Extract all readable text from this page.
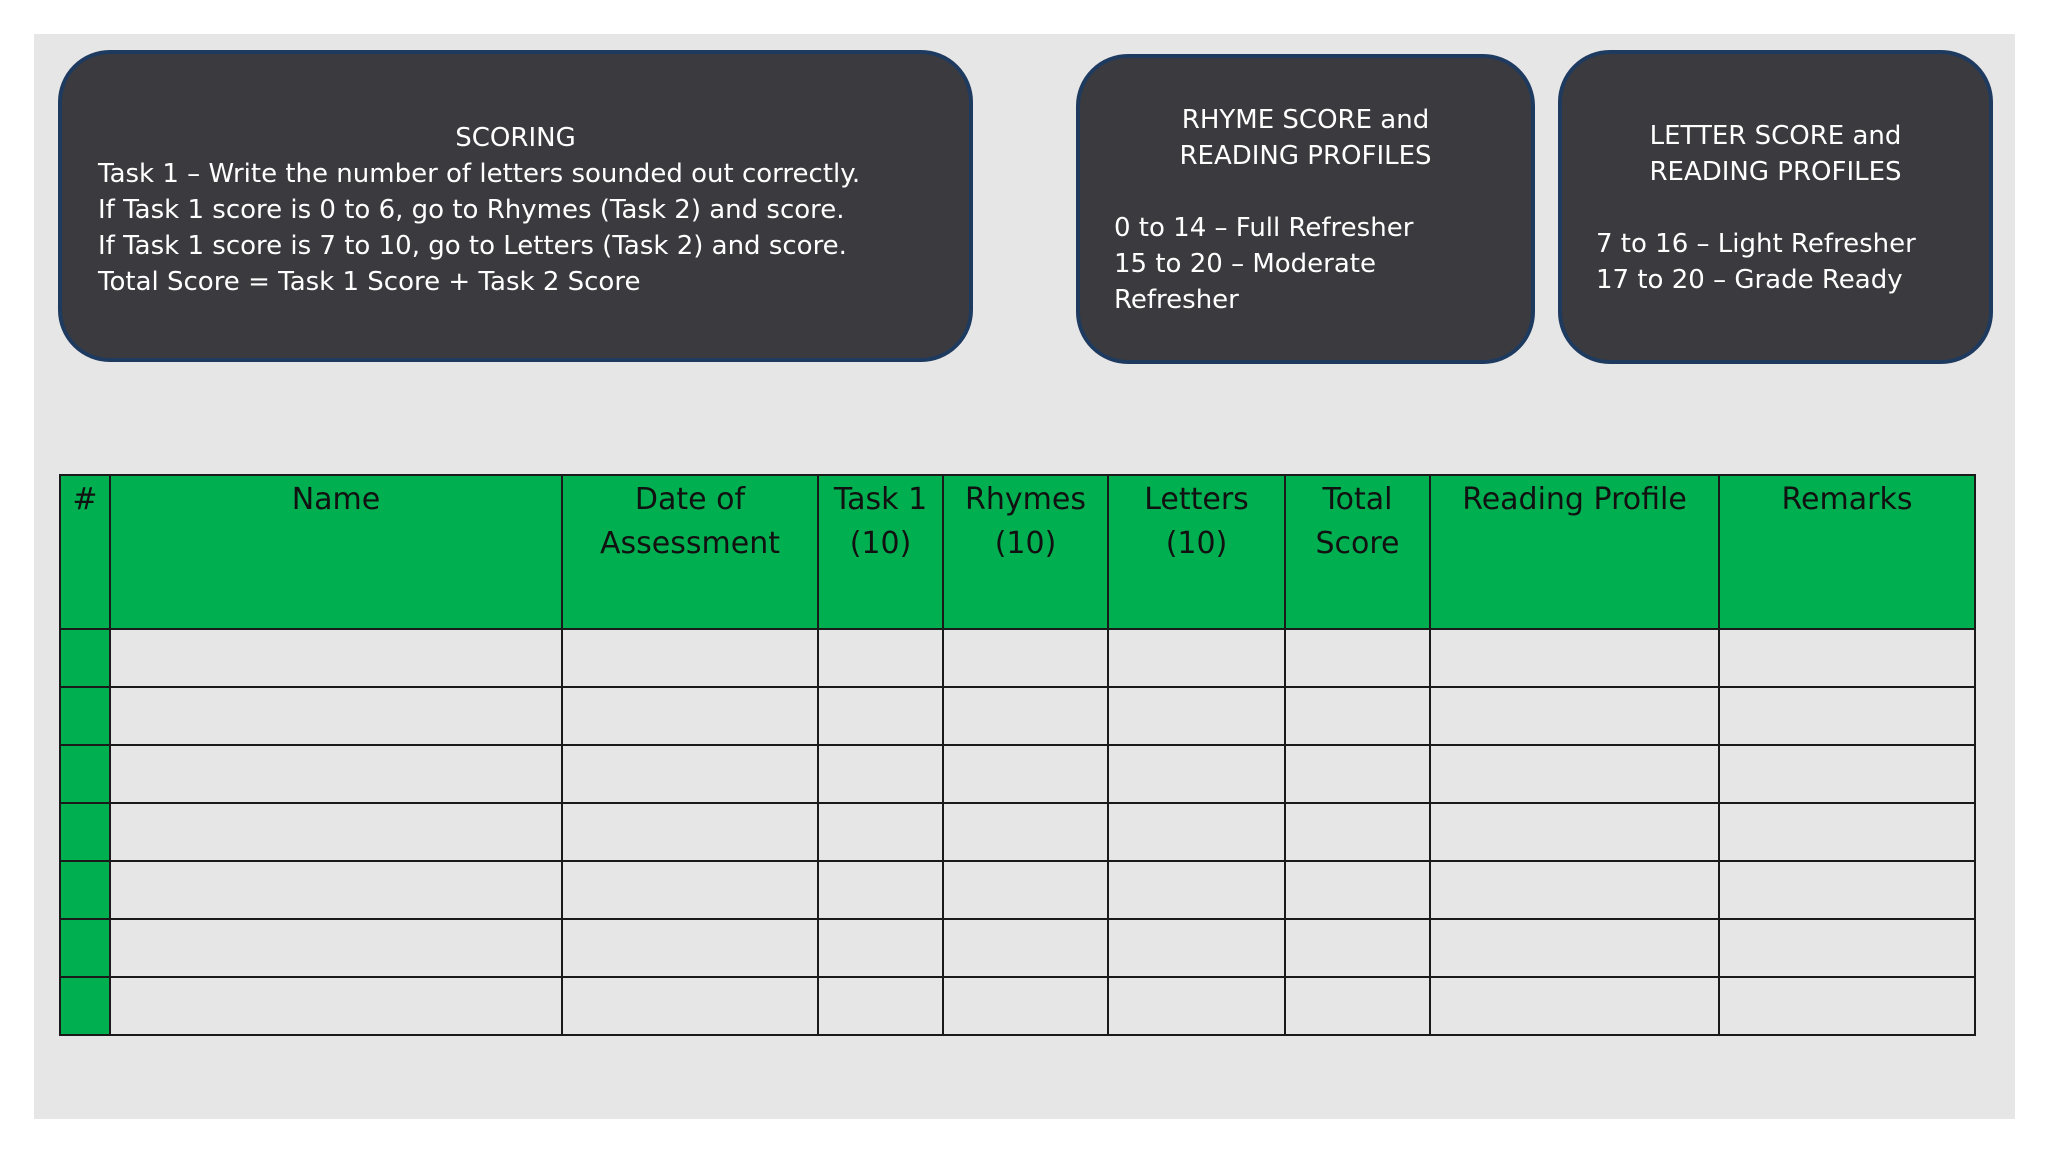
SCORING
Task 1 – Write the number of letters sounded out correctly.
If Task 1 score is 0 to 6, go to Rhymes (Task 2) and score.
If Task 1 score is 7 to 10, go to Letters (Task 2) and score.
Total Score = Task 1 Score + Task 2 Score
RHYME SCORE and
READING PROFILES
0 to 14 – Full Refresher
15 to 20 – Moderate
Refresher
LETTER SCORE and
READING PROFILES
7 to 16 – Light Refresher
17 to 20 – Grade Ready
#	Name	Date of Assessment	Task 1 (10)	Rhymes (10)	Letters (10)	Total Score	Reading Profile	Remarks
